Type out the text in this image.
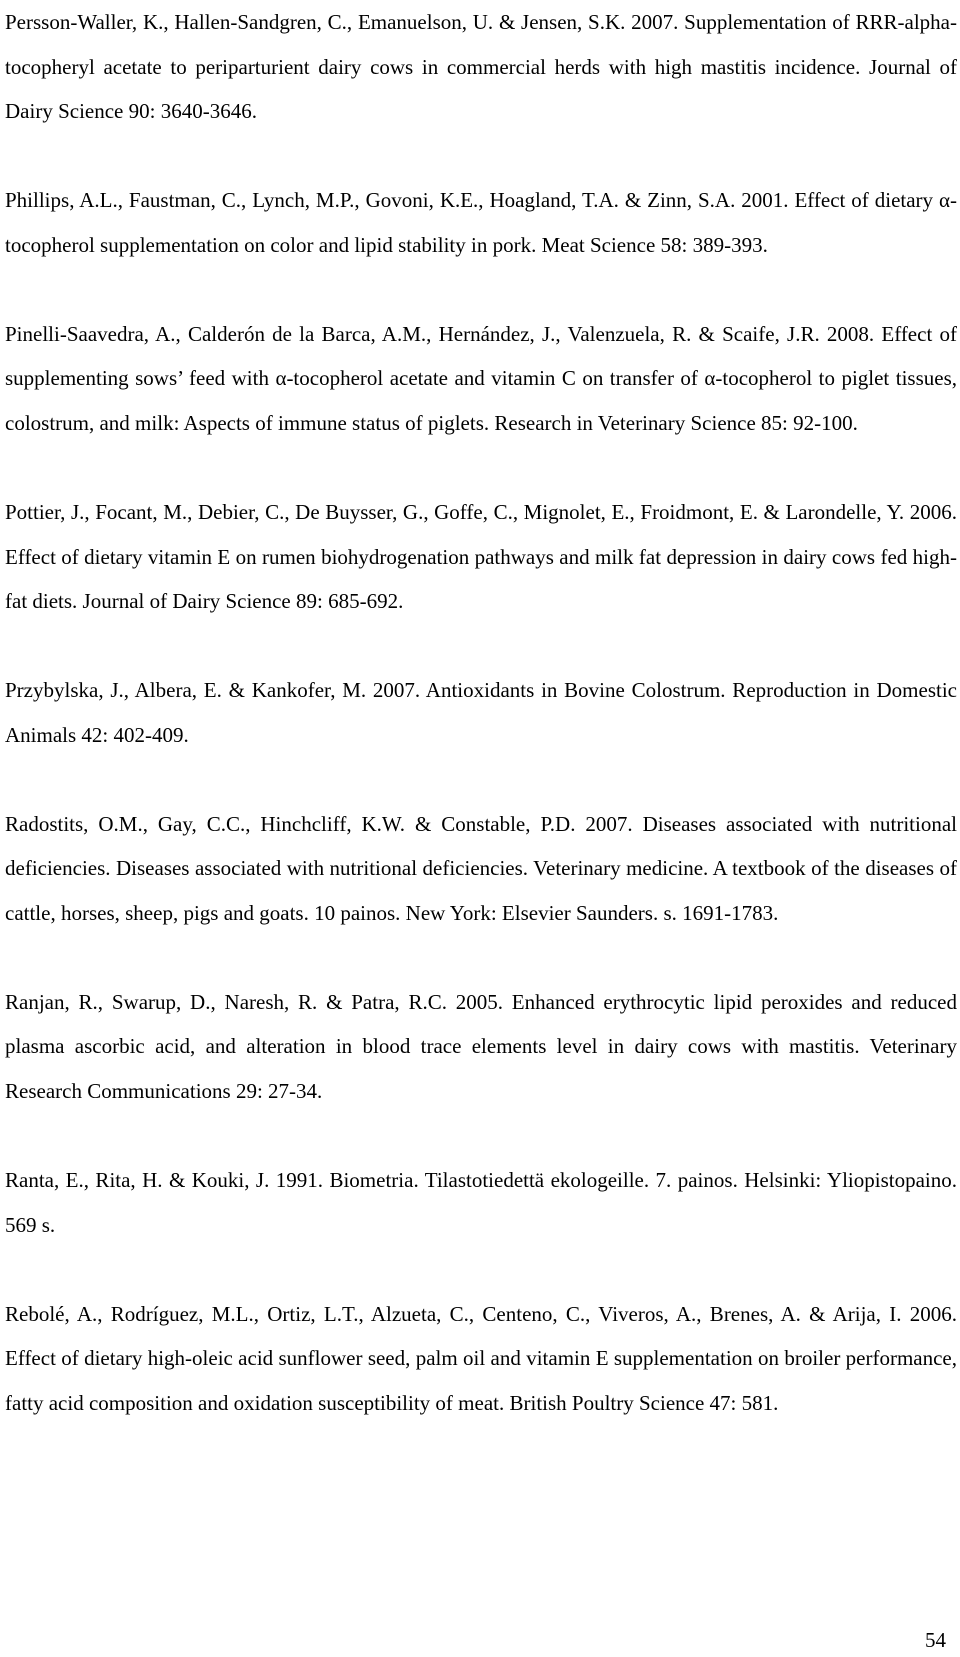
Persson-Waller, K., Hallen-Sandgren, C., Emanuelson, U. & Jensen, S.K. 2007. Supplementation of RRR-alpha-tocopheryl acetate to periparturient dairy cows in commercial herds with high mastitis incidence. Journal of Dairy Science 90: 3640-3646.

Phillips, A.L., Faustman, C., Lynch, M.P., Govoni, K.E., Hoagland, T.A. & Zinn, S.A. 2001. Effect of dietary α-tocopherol supplementation on color and lipid stability in pork. Meat Science 58: 389-393.

Pinelli-Saavedra, A., Calderón de la Barca, A.M., Hernández, J., Valenzuela, R. & Scaife, J.R. 2008. Effect of supplementing sows’ feed with α-tocopherol acetate and vitamin C on transfer of α-tocopherol to piglet tissues, colostrum, and milk: Aspects of immune status of piglets. Research in Veterinary Science 85: 92-100.

Pottier, J., Focant, M., Debier, C., De Buysser, G., Goffe, C., Mignolet, E., Froidmont, E. & Larondelle, Y. 2006. Effect of dietary vitamin E on rumen biohydrogenation pathways and milk fat depression in dairy cows fed high-fat diets. Journal of Dairy Science 89: 685-692.

Przybylska, J., Albera, E. & Kankofer, M. 2007. Antioxidants in Bovine Colostrum. Reproduction in Domestic Animals 42: 402-409.

Radostits, O.M., Gay, C.C., Hinchcliff, K.W. & Constable, P.D. 2007. Diseases associated with nutritional deficiencies. Diseases associated with nutritional deficiencies. Veterinary medicine. A textbook of the diseases of cattle, horses, sheep, pigs and goats. 10 painos. New York: Elsevier Saunders. s. 1691-1783.

Ranjan, R., Swarup, D., Naresh, R. & Patra, R.C. 2005. Enhanced erythrocytic lipid peroxides and reduced plasma ascorbic acid, and alteration in blood trace elements level in dairy cows with mastitis. Veterinary Research Communications 29: 27-34.

Ranta, E., Rita, H. & Kouki, J. 1991. Biometria. Tilastotiedettä ekologeille. 7. painos. Helsinki: Yliopistopaino. 569 s.

Rebolé, A., Rodríguez, M.L., Ortiz, L.T., Alzueta, C., Centeno, C., Viveros, A., Brenes, A. & Arija, I. 2006. Effect of dietary high-oleic acid sunflower seed, palm oil and vitamin E supplementation on broiler performance, fatty acid composition and oxidation susceptibility of meat. British Poultry Science 47: 581.

54
